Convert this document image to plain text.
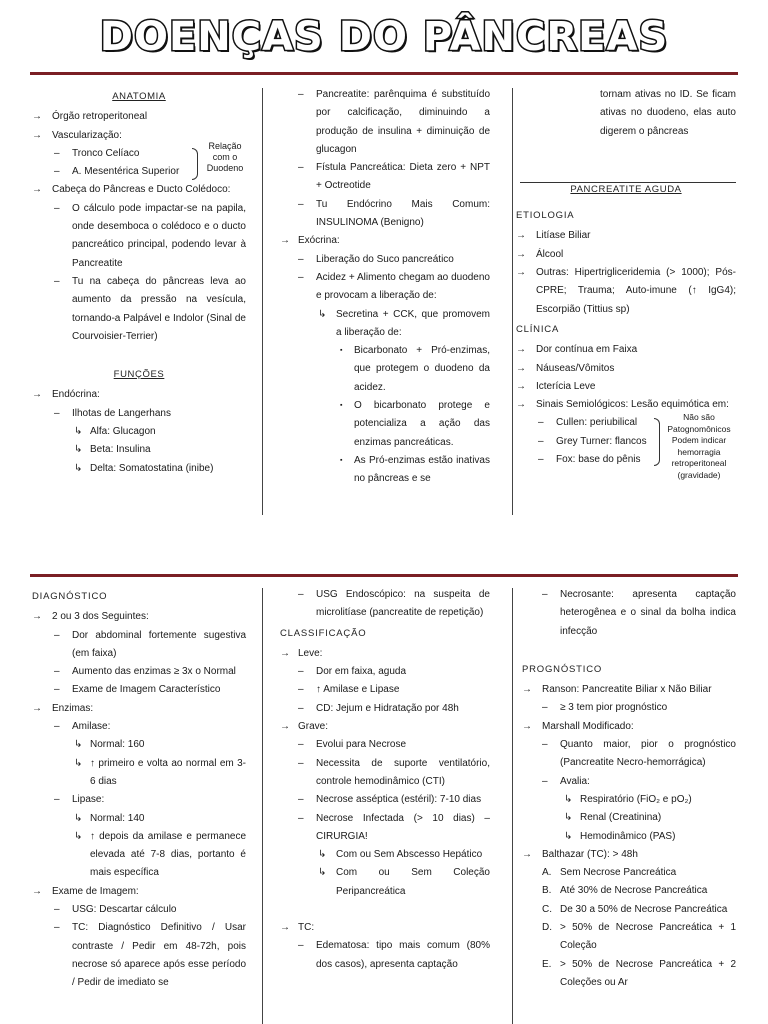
DOENÇAS DO PÂNCREAS
ANATOMIA
→ Órgão retroperitoneal
→ Vascularização:
– Tronco Celíaco
– A. Mesentérica Superior
Relação com o Duodeno
→ Cabeça do Pâncreas e Ducto Colédoco:
– O cálculo pode impactar-se na papila, onde desemboca o colédoco e o ducto pancreático principal, podendo levar à Pancreatite
– Tu na cabeça do pâncreas leva ao aumento da pressão na vesícula, tornando-a Palpável e Indolor (Sinal de Courvoisier-Terrier)
FUNÇÕES
→ Endócrina:
– Ilhotas de Langerhans
↳ Alfa: Glucagon
↳ Beta: Insulina
↳ Delta: Somatostatina (inibe)
– Pancreatite: parênquima é substituído por calcificação, diminuindo a produção de insulina + diminuição de glucagon
– Fístula Pancreática: Dieta zero + NPT + Octreotide
– Tu Endócrino Mais Comum: INSULINOMA (Benigno)
→ Exócrina:
– Liberação do Suco pancreático
– Acidez + Alimento chegam ao duodeno e provocam a liberação de:
↳ Secretina + CCK, que promovem a liberação de:
▪ Bicarbonato + Pró-enzimas, que protegem o duodeno da acidez.
▪ O bicarbonato protege e potencializa a ação das enzimas pancreáticas.
▪ As Pró-enzimas estão inativas no pâncreas e se
tornam ativas no ID. Se ficam ativas no duodeno, elas auto digerem o pâncreas
PANCREATITE AGUDA
ETIOLOGIA
→ Litíase Biliar
→ Álcool
→ Outras: Hipertrigliceridemia (> 1000); Pós-CPRE; Trauma; Auto-imune (↑ IgG4); Escorpião (Tittius sp)
CLÍNICA
→ Dor contínua em Faixa
→ Náuseas/Vômitos
→ Icterícia Leve
→ Sinais Semiológicos: Lesão equimótica em:
– Cullen: periubilical
– Grey Turner: flancos
– Fox: base do pênis
Não são Patognomônicos Podem indicar hemorragia retroperitoneal (gravidade)
DIAGNÓSTICO
→ 2 ou 3 dos Seguintes:
– Dor abdominal fortemente sugestiva (em faixa)
– Aumento das enzimas ≥ 3x o Normal
– Exame de Imagem Característico
→ Enzimas:
– Amilase:
↳ Normal: 160
↳ ↑ primeiro e volta ao normal em 3-6 dias
– Lipase:
↳ Normal: 140
↳ ↑ depois da amilase e permanece elevada até 7-8 dias, portanto é mais específica
→ Exame de Imagem:
– USG: Descartar cálculo
– TC: Diagnóstico Definitivo / Usar contraste / Pedir em 48-72h, pois necrose só aparece após esse período / Pedir de imediato se
– USG Endoscópico: na suspeita de microlitíase (pancreatite de repetição)
CLASSIFICAÇÃO
→ Leve:
– Dor em faixa, aguda
– ↑ Amilase e Lipase
– CD: Jejum e Hidratação por 48h
→ Grave:
– Evolui para Necrose
– Necessita de suporte ventilatório, controle hemodinâmico (CTI)
– Necrose asséptica (estéril): 7-10 dias
– Necrose Infectada (> 10 dias) – CIRURGIA!
↳ Com ou Sem Abscesso Hepático
↳ Com ou Sem Coleção Peripancreática
→ TC:
– Edematosa: tipo mais comum (80% dos casos), apresenta captação
– Necrosante: apresenta captação heterogênea e o sinal da bolha indica infecção
PROGNÓSTICO
→ Ranson: Pancreatite Biliar x Não Biliar
– ≥ 3 tem pior prognóstico
→ Marshall Modificado:
– Quanto maior, pior o prognóstico (Pancreatite Necro-hemorrágica)
– Avalia:
↳ Respiratório (FiO₂ e pO₂)
↳ Renal (Creatinina)
↳ Hemodinâmico (PAS)
→ Balthazar (TC): > 48h
A. Sem Necrose Pancreática
B. Até 30% de Necrose Pancreática
C. De 30 a 50% de Necrose Pancreática
D. > 50% de Necrose Pancreática + 1 Coleção
E. > 50% de Necrose Pancreática + 2 Coleções ou Ar
